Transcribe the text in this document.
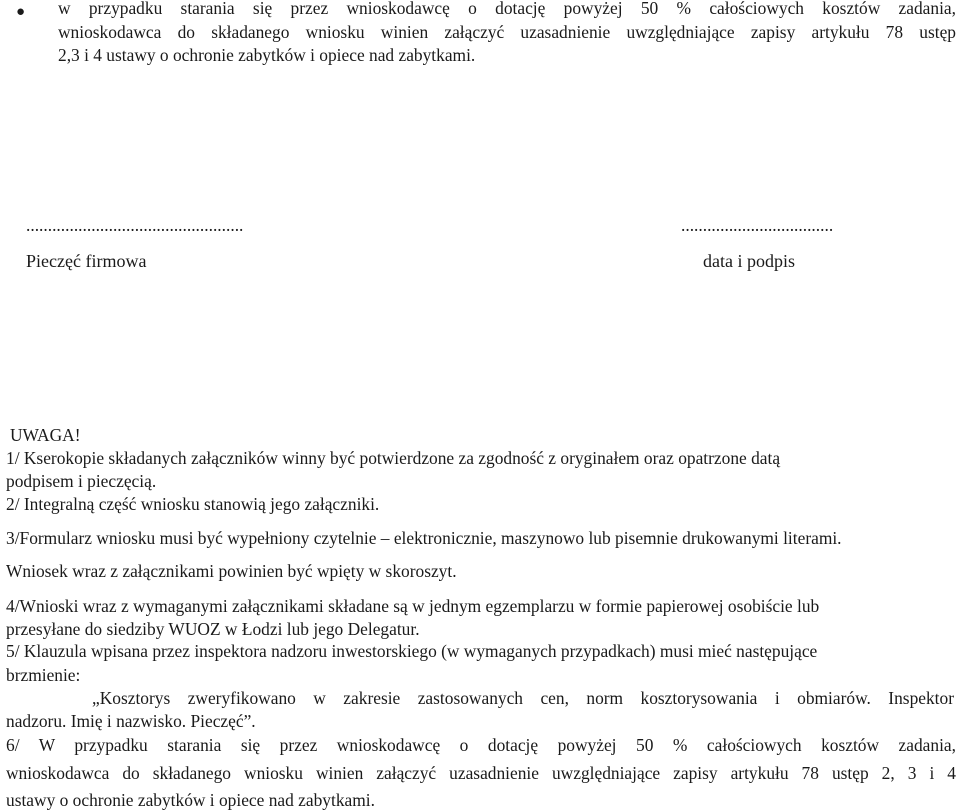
●	w przypadku starania się przez wnioskodawcę o dotację powyżej 50 % całościowych kosztów zadania,
wnioskodawca do składanego wniosku winien załączyć uzasadnienie uwzględniające zapisy artykułu 78 ustęp
2,3 i 4 ustawy o ochronie zabytków i opiece nad zabytkami.
..................................................
Pieczęć firmowa
...................................
data i podpis
UWAGA!
1/ Kserokopie składanych załączników winny być potwierdzone za zgodność z oryginałem oraz opatrzone datą
podpisem i pieczęcią.
2/ Integralną część wniosku stanowią jego załączniki.
3/Formularz wniosku musi być wypełniony czytelnie – elektronicznie, maszynowo lub pisemnie drukowanymi literami.
Wniosek wraz z załącznikami powinien być wpięty w skoroszyt.
4/Wnioski wraz z wymaganymi załącznikami składane są w jednym egzemplarzu w formie papierowej osobiście lub
przesyłane do siedziby WUOZ w Łodzi lub jego Delegatur.
5/ Klauzula wpisana przez inspektora nadzoru inwestorskiego (w wymaganych przypadkach) musi mieć następujące
brzmienie:
„Kosztorys zweryfikowano w zakresie zastosowanych cen, norm kosztorysowania i obmiarów. Inspektor
nadzoru. Imię i nazwisko. Pieczęć”.
6/ W przypadku starania się przez wnioskodawcę o dotację powyżej 50 % całościowych kosztów zadania,
wnioskodawca do składanego wniosku winien załączyć uzasadnienie uwzględniające zapisy artykułu 78 ustęp 2, 3 i 4
ustawy o ochronie zabytków i opiece nad zabytkami.
